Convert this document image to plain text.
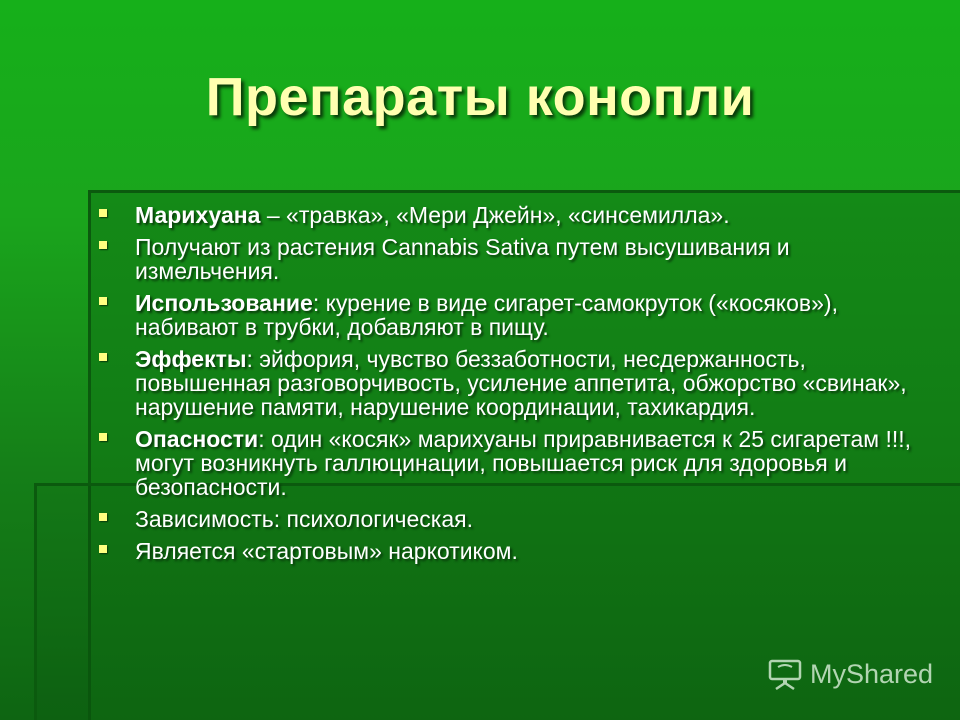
Препараты конопли
Марихуана – «травка», «Мери Джейн», «синсемилла».
Получают из растения Cannabis Sativa путем высушивания и измельчения.
Использование: курение в виде сигарет-самокруток («косяков»), набивают в трубки, добавляют в пищу.
Эффекты: эйфория, чувство беззаботности, несдержанность, повышенная разговорчивость, усиление аппетита, обжорство «свинак», нарушение памяти, нарушение координации, тахикардия.
Опасности: один «косяк» марихуаны приравнивается к 25 сигаретам !!!, могут возникнуть галлюцинации, повышается риск для здоровья и безопасности.
Зависимость: психологическая.
Является «стартовым» наркотиком.
MyShared
